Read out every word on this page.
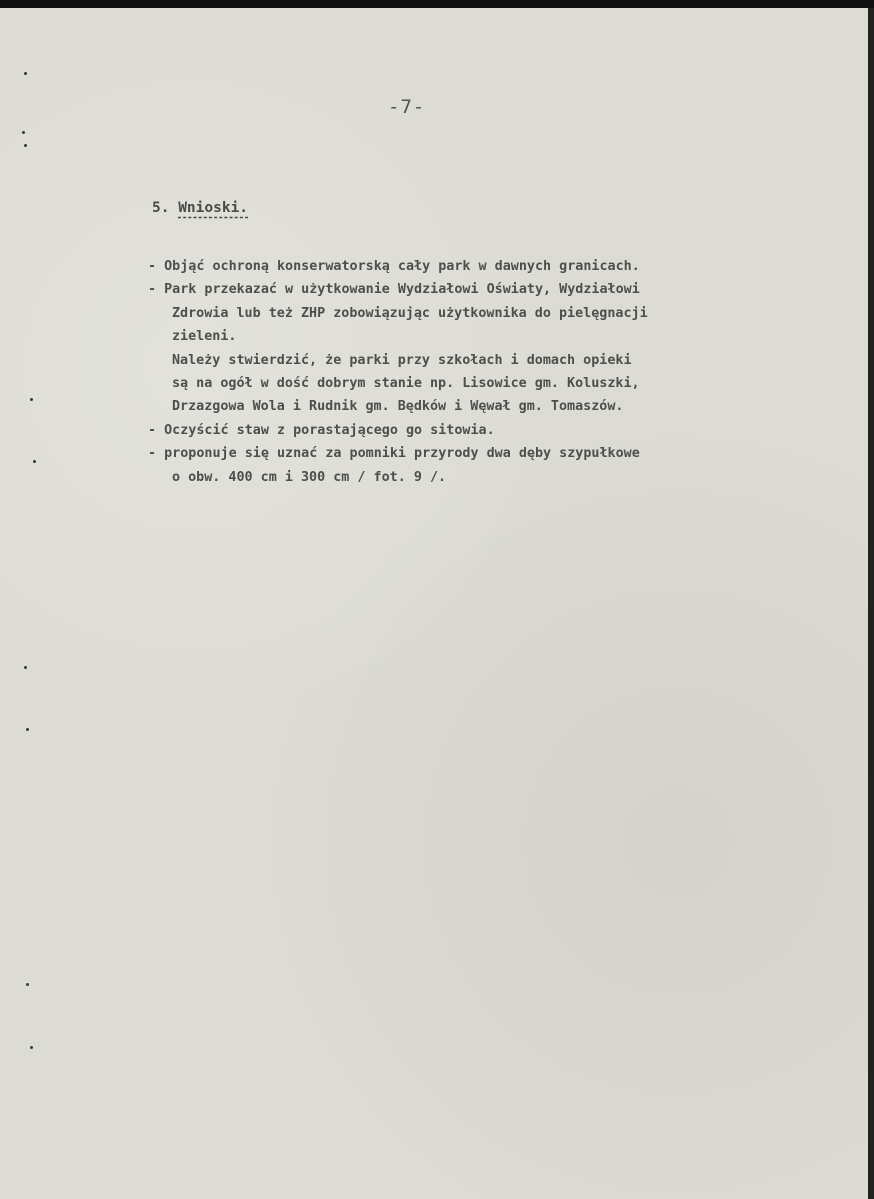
-7-
5. Wnioski.
- Objąć ochroną konserwatorską cały park w dawnych granicach.
- Park przekazać w użytkowanie Wydziałowi Oświaty, Wydziałowi
Zdrowia lub też ZHP zobowiązując użytkownika do pielęgnacji
zieleni.
Należy stwierdzić, że parki przy szkołach i domach opieki
są na ogół w dość dobrym stanie np. Lisowice gm. Koluszki,
Drzazgowa Wola i Rudnik gm. Będków i Węwał gm. Tomaszów.
- Oczyścić staw z porastającego go sitowia.
- proponuje się uznać za pomniki przyrody dwa dęby szypułkowe
o obw. 400 cm i 300 cm / fot. 9 /.
